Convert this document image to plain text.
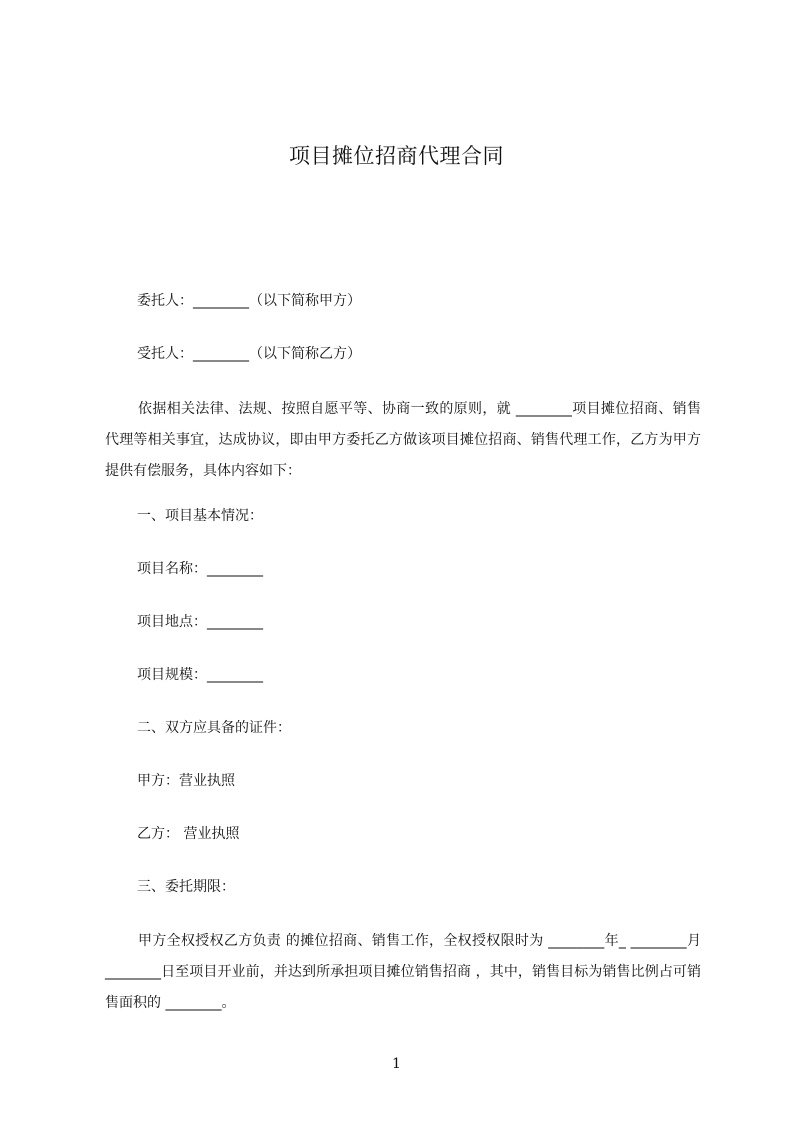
项目摊位招商代理合同
委托人：________（以下简称甲方）
受托人：________（以下简称乙方）
依据相关法律、法规、按照自愿平等、协商一致的原则，就 ________项目摊位招商、销售代理等相关事宜，达成协议，即由甲方委托乙方做该项目摊位招商、销售代理工作，乙方为甲方提供有偿服务，具体内容如下：
一、项目基本情况：
项目名称：________
项目地点：________
项目规模：________
二、双方应具备的证件：
甲方：营业执照
乙方： 营业执照
三、委托期限：
甲方全权授权乙方负责 的摊位招商、销售工作，全权授权限时为 ________年_ ________月________日至项目开业前，并达到所承担项目摊位销售招商 ，其中，销售目标为销售比例占可销售面积的 ________。
1
